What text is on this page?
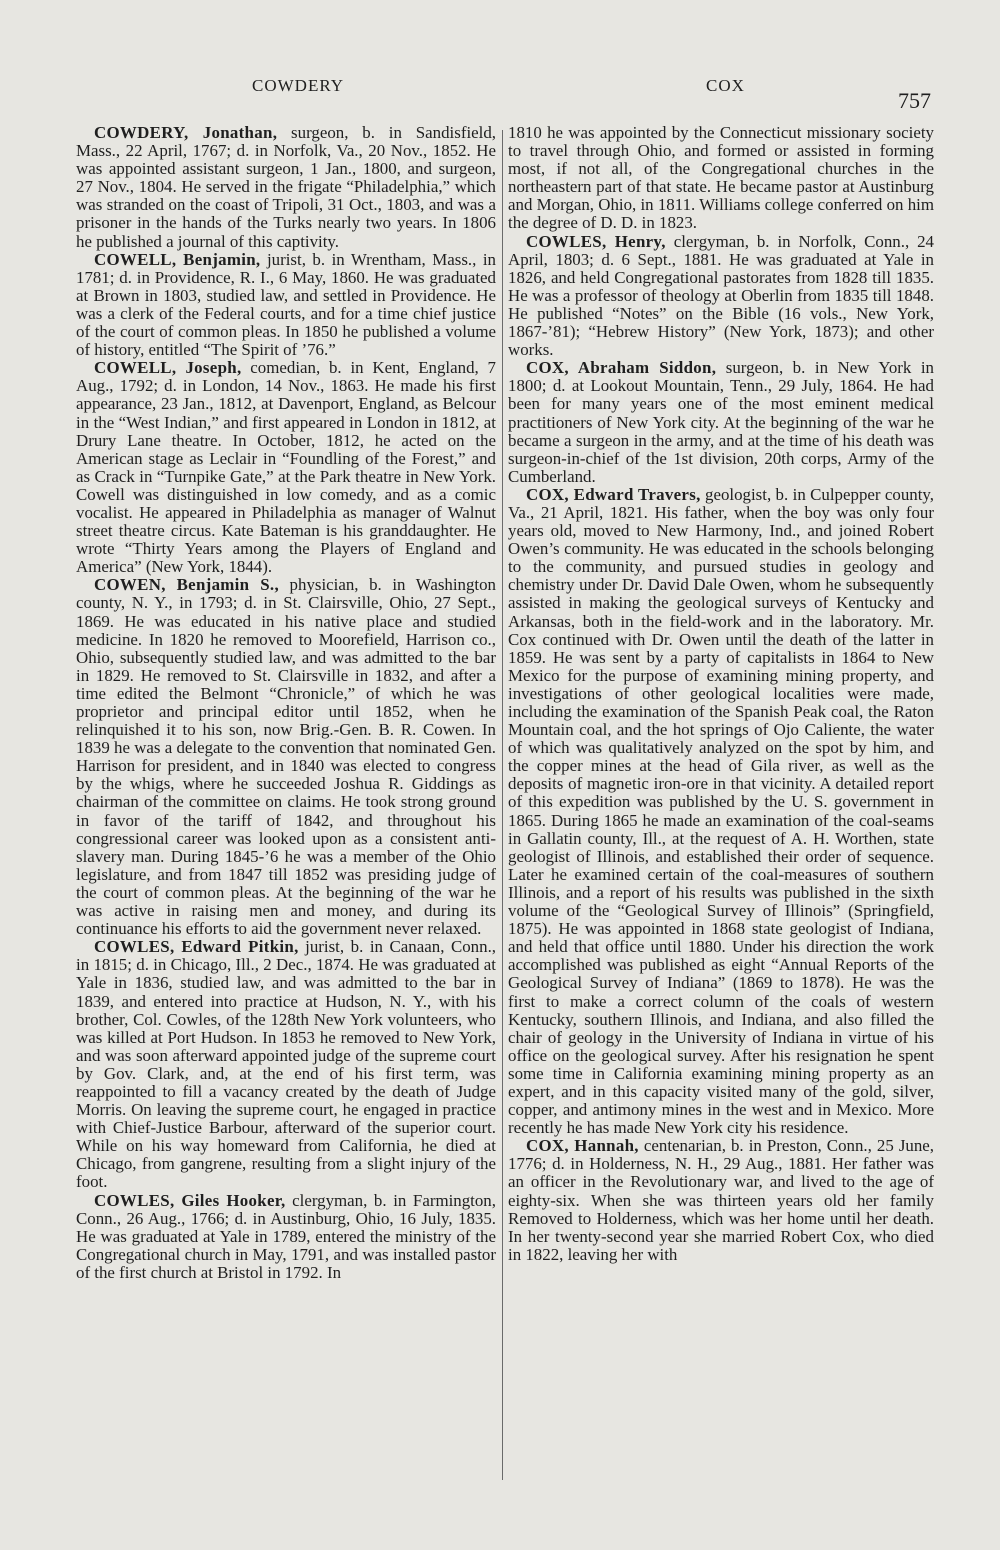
COWDERY	COX
757

COWDERY, Jonathan, surgeon, b. in Sandisfield, Mass., 22 April, 1767; d. in Norfolk, Va., 20 Nov., 1852. He was appointed assistant surgeon, 1 Jan., 1800, and surgeon, 27 Nov., 1804. He served in the frigate “Philadelphia,” which was stranded on the coast of Tripoli, 31 Oct., 1803, and was a prisoner in the hands of the Turks nearly two years. In 1806 he published a journal of this captivity.

COWELL, Benjamin, jurist, b. in Wrentham, Mass., in 1781; d. in Providence, R. I., 6 May, 1860. He was graduated at Brown in 1803, studied law, and settled in Providence. He was a clerk of the Federal courts, and for a time chief justice of the court of common pleas. In 1850 he published a volume of history, entitled “The Spirit of ’76.”

COWELL, Joseph, comedian, b. in Kent, England, 7 Aug., 1792; d. in London, 14 Nov., 1863. He made his first appearance, 23 Jan., 1812, at Davenport, England, as Belcour in the “West Indian,” and first appeared in London in 1812, at Drury Lane theatre. In October, 1812, he acted on the American stage as Leclair in “Foundling of the Forest,” and as Crack in “Turnpike Gate,” at the Park theatre in New York. Cowell was distinguished in low comedy, and as a comic vocalist. He appeared in Philadelphia as manager of Walnut street theatre circus. Kate Bateman is his granddaughter. He wrote “Thirty Years among the Players of England and America” (New York, 1844).

COWEN, Benjamin S., physician, b. in Washington county, N. Y., in 1793; d. in St. Clairsville, Ohio, 27 Sept., 1869. He was educated in his native place and studied medicine. In 1820 he removed to Moorefield, Harrison co., Ohio, subsequently studied law, and was admitted to the bar in 1829. He removed to St. Clairsville in 1832, and after a time edited the Belmont “Chronicle,” of which he was proprietor and principal editor until 1852, when he relinquished it to his son, now Brig.-Gen. B. R. Cowen. In 1839 he was a delegate to the convention that nominated Gen. Harrison for president, and in 1840 was elected to congress by the whigs, where he succeeded Joshua R. Giddings as chairman of the committee on claims. He took strong ground in favor of the tariff of 1842, and throughout his congressional career was looked upon as a consistent anti-slavery man. During 1845-’6 he was a member of the Ohio legislature, and from 1847 till 1852 was presiding judge of the court of common pleas. At the beginning of the war he was active in raising men and money, and during its continuance his efforts to aid the government never relaxed.

COWLES, Edward Pitkin, jurist, b. in Canaan, Conn., in 1815; d. in Chicago, Ill., 2 Dec., 1874. He was graduated at Yale in 1836, studied law, and was admitted to the bar in 1839, and entered into practice at Hudson, N. Y., with his brother, Col. Cowles, of the 128th New York volunteers, who was killed at Port Hudson. In 1853 he removed to New York, and was soon afterward appointed judge of the supreme court by Gov. Clark, and, at the end of his first term, was reappointed to fill a vacancy created by the death of Judge Morris. On leaving the supreme court, he engaged in practice with Chief-Justice Barbour, afterward of the superior court. While on his way homeward from California, he died at Chicago, from gangrene, resulting from a slight injury of the foot.

COWLES, Giles Hooker, clergyman, b. in Farmington, Conn., 26 Aug., 1766; d. in Austinburg, Ohio, 16 July, 1835. He was graduated at Yale in 1789, entered the ministry of the Congregational church in May, 1791, and was installed pastor of the first church at Bristol in 1792. In

1810 he was appointed by the Connecticut missionary society to travel through Ohio, and formed or assisted in forming most, if not all, of the Congregational churches in the northeastern part of that state. He became pastor at Austinburg and Morgan, Ohio, in 1811. Williams college conferred on him the degree of D. D. in 1823.

COWLES, Henry, clergyman, b. in Norfolk, Conn., 24 April, 1803; d. 6 Sept., 1881. He was graduated at Yale in 1826, and held Congregational pastorates from 1828 till 1835. He was a professor of theology at Oberlin from 1835 till 1848. He published “Notes” on the Bible (16 vols., New York, 1867-’81); “Hebrew History” (New York, 1873); and other works.

COX, Abraham Siddon, surgeon, b. in New York in 1800; d. at Lookout Mountain, Tenn., 29 July, 1864. He had been for many years one of the most eminent medical practitioners of New York city. At the beginning of the war he became a surgeon in the army, and at the time of his death was surgeon-in-chief of the 1st division, 20th corps, Army of the Cumberland.

COX, Edward Travers, geologist, b. in Culpepper county, Va., 21 April, 1821. His father, when the boy was only four years old, moved to New Harmony, Ind., and joined Robert Owen’s community. He was educated in the schools belonging to the community, and pursued studies in geology and chemistry under Dr. David Dale Owen, whom he subsequently assisted in making the geological surveys of Kentucky and Arkansas, both in the field-work and in the laboratory. Mr. Cox continued with Dr. Owen until the death of the latter in 1859. He was sent by a party of capitalists in 1864 to New Mexico for the purpose of examining mining property, and investigations of other geological localities were made, including the examination of the Spanish Peak coal, the Raton Mountain coal, and the hot springs of Ojo Caliente, the water of which was qualitatively analyzed on the spot by him, and the copper mines at the head of Gila river, as well as the deposits of magnetic iron-ore in that vicinity. A detailed report of this expedition was published by the U. S. government in 1865. During 1865 he made an examination of the coal-seams in Gallatin county, Ill., at the request of A. H. Worthen, state geologist of Illinois, and established their order of sequence. Later he examined certain of the coal-measures of southern Illinois, and a report of his results was published in the sixth volume of the “Geological Survey of Illinois” (Springfield, 1875). He was appointed in 1868 state geologist of Indiana, and held that office until 1880. Under his direction the work accomplished was published as eight “Annual Reports of the Geological Survey of Indiana” (1869 to 1878). He was the first to make a correct column of the coals of western Kentucky, southern Illinois, and Indiana, and also filled the chair of geology in the University of Indiana in virtue of his office on the geological survey. After his resignation he spent some time in California examining mining property as an expert, and in this capacity visited many of the gold, silver, copper, and antimony mines in the west and in Mexico. More recently he has made New York city his residence.

COX, Hannah, centenarian, b. in Preston, Conn., 25 June, 1776; d. in Holderness, N. H., 29 Aug., 1881. Her father was an officer in the Revolutionary war, and lived to the age of eighty-six. When she was thirteen years old her family Removed to Holderness, which was her home until her death. In her twenty-second year she married Robert Cox, who died in 1822, leaving her with
